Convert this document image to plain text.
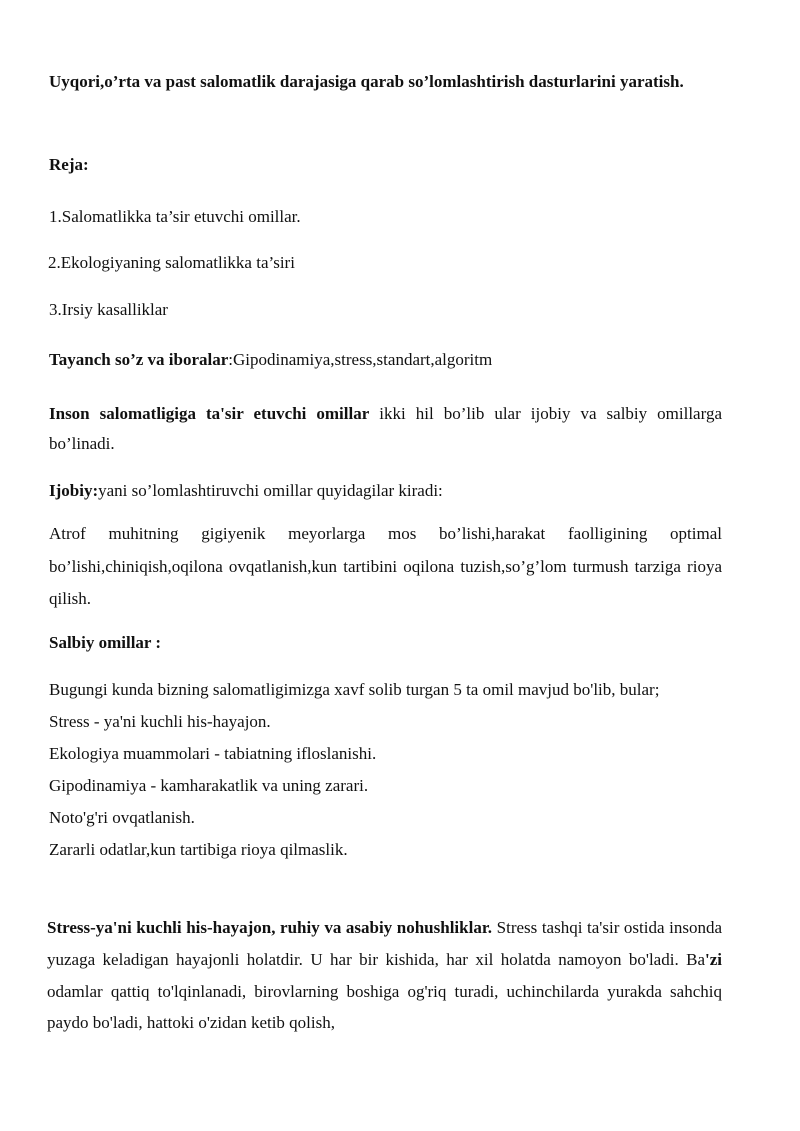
Uyqori,o’rta va past salomatlik darajasiga qarab so’lomlashtirish dasturlarini yaratish.

Reja:

1.Salomatlikka ta’sir etuvchi omillar.

2.Ekologiyaning salomatlikka ta’siri

3.Irsiy kasalliklar

Tayanch so’z va iboralar:Gipodinamiya,stress,standart,algoritm

Inson salomatligiga ta'sir etuvchi omillar ikki hil bo’lib ular ijobiy va salbiy omillarga bo’linadi.

Ijobiy:yani so’lomlashtiruvchi omillar quyidagilar kiradi:

Atrof muhitning gigiyenik meyorlarga mos bo’lishi,harakat faolligining optimal bo’lishi,chiniqish,oqilona ovqatlanish,kun tartibini oqilona tuzish,so’g’lom turmush tarziga rioya qilish.

Salbiy omillar :

Bugungi kunda bizning salomatligimizga xavf solib turgan 5 ta omil mavjud bo'lib, bular;

Stress - ya'ni kuchli his-hayajon.

Ekologiya muammolari - tabiatning ifloslanishi.

Gipodinamiya - kamharakatlik va uning zarari.

Noto'g'ri ovqatlanish.

Zararli odatlar,kun tartibiga rioya qilmaslik.

Stress-ya'ni kuchli his-hayajon, ruhiy va asabiy nohushliklar. Stress tashqi ta'sir ostida insonda yuzaga keladigan hayajonli holatdir. U har bir kishida, har xil holatda namoyon bo'ladi. Ba'zi odamlar qattiq to'lqinlanadi, birovlarning boshiga og'riq turadi, uchinchilarda yurakda sahchiq paydo bo'ladi, hattoki o'zidan ketib qolish,
